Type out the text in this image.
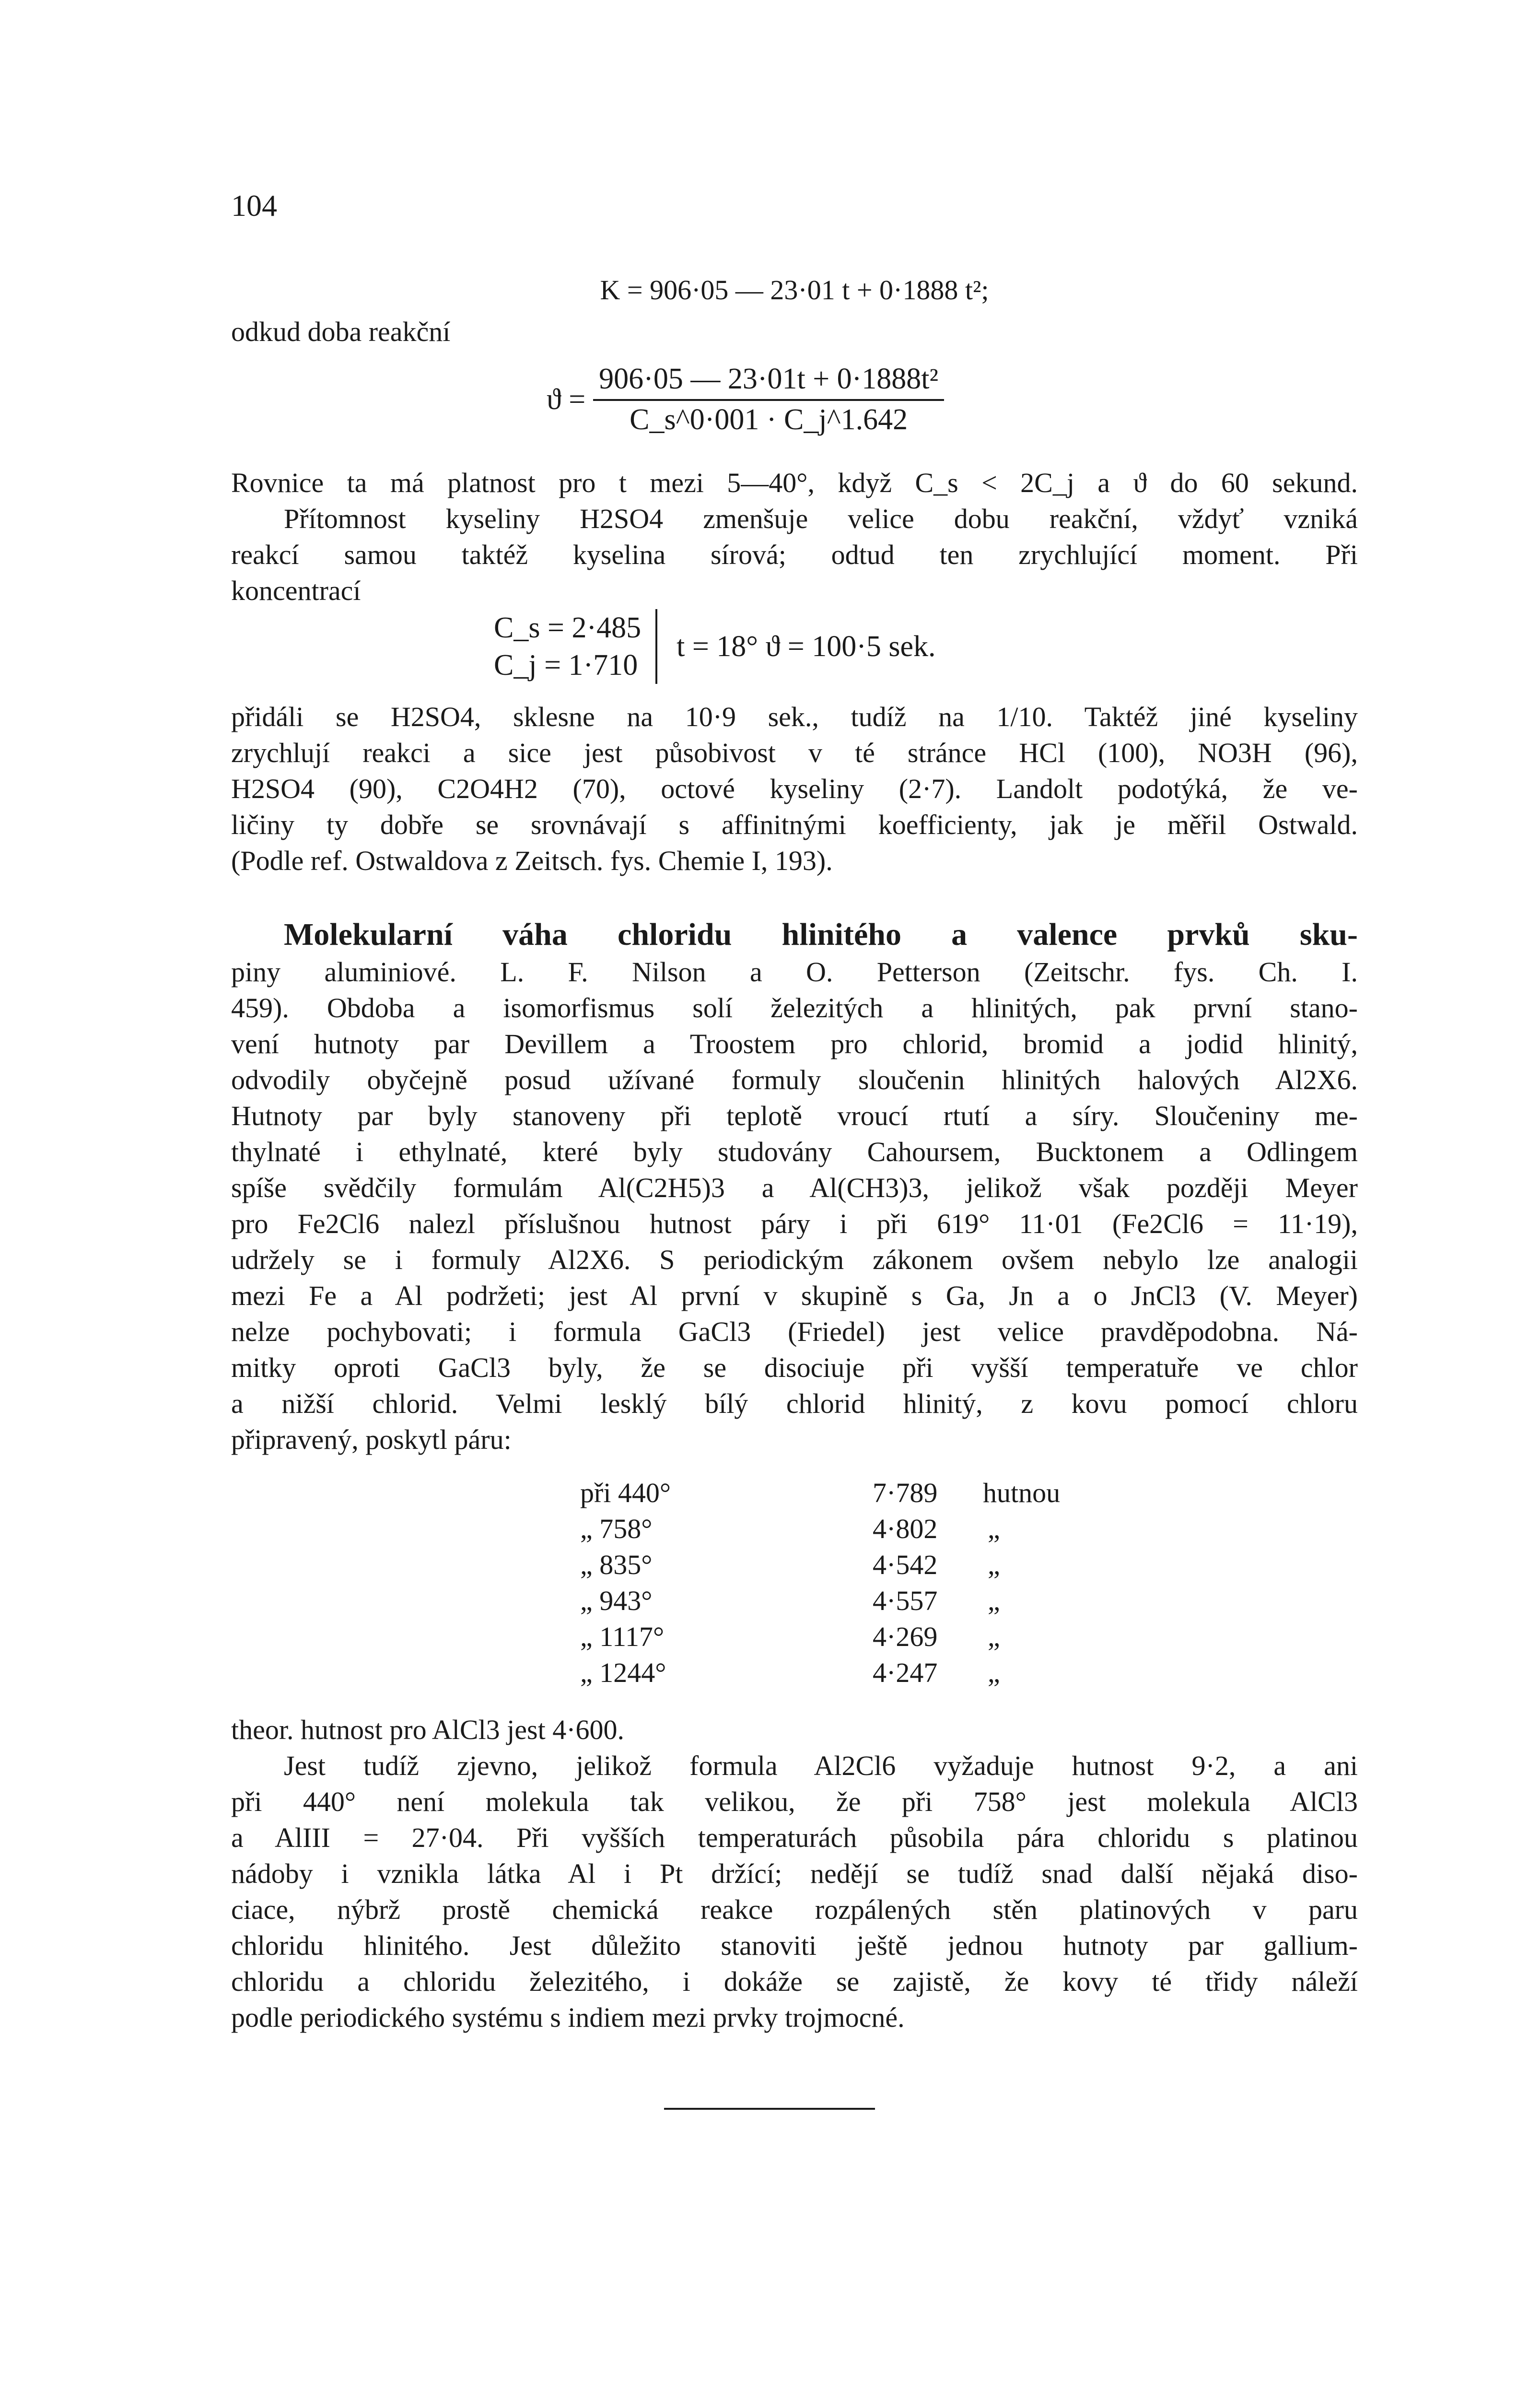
104
K = 906·05 — 23·01 t + 0·1888 t²;
odkud doba reakční
$ϑ = \frac{\text{906·05 — 23·01t + 0·1888t²}}{C\_s\^{}0\cdot 001 \cdot C\_j\^{}1.642}$
Rovnice ta má platnost pro t mezi 5—40°, když C_s < 2C_j a ϑ do 60 sekund.
Přítomnost kyseliny H2SO4 zmenšuje velice dobu reakční, vždyť vzniká
reakcí samou taktéž kyselina sírová; odtud ten zrychlující moment. Při
koncentrací
C_s = 2·485
C_j = 1·710
t = 18° ϑ = 100·5 sek.
přidáli se H2SO4, sklesne na 10·9 sek., tudíž na 1/10. Taktéž jiné kyseliny
zrychlují reakci a sice jest působivost v té stránce HCl (100), NO3H (96),
H2SO4 (90), C2O4H2 (70), octové kyseliny (2·7). Landolt podotýká, že ve-
ličiny ty dobře se srovnávají s affinitnými koefficienty, jak je měřil Ostwald.
(Podle ref. Ostwaldova z Zeitsch. fys. Chemie I, 193).
Molekularní váha chloridu hlinitého a valence prvků sku-
piny aluminiové. L. F. Nilson a O. Petterson (Zeitschr. fys. Ch. I.
459). Obdoba a isomorfismus solí železitých a hlinitých, pak první stano-
vení hutnoty par Devillem a Troostem pro chlorid, bromid a jodid hlinitý,
odvodily obyčejně posud užívané formuly sloučenin hlinitých halových Al2X6.
Hutnoty par byly stanoveny při teplotě vroucí rtutí a síry. Sloučeniny me-
thylnaté i ethylnaté, které byly studovány Cahoursem, Bucktonem a Odlingem
spíše svědčily formulám Al(C2H5)3 a Al(CH3)3, jelikož však později Meyer
pro Fe2Cl6 nalezl příslušnou hutnost páry i při 619° 11·01 (Fe2Cl6 = 11·19),
udržely se i formuly Al2X6. S periodickým zákonem ovšem nebylo lze analogii
mezi Fe a Al podržeti; jest Al první v skupině s Ga, Jn a o JnCl3 (V. Meyer)
nelze pochybovati; i formula GaCl3 (Friedel) jest velice pravděpodobna. Ná-
mitky oproti GaCl3 byly, že se disociuje při vyšší temperatuře ve chlor
a nižší chlorid. Velmi lesklý bílý chlorid hlinitý, z kovu pomocí chloru
připravený, poskytl páru:
při 440°	7·789	hutnou
„ 758°	4·802	„
„ 835°	4·542	„
„ 943°	4·557	„
„ 1117°	4·269	„
„ 1244°	4·247	„
theor. hutnost pro AlCl3 jest 4·600.
Jest tudíž zjevno, jelikož formula Al2Cl6 vyžaduje hutnost 9·2, a ani
při 440° není molekula tak velikou, že při 758° jest molekula AlCl3
a AlIII = 27·04. Při vyšších temperaturách působila pára chloridu s platinou
nádoby i vznikla látka Al i Pt držící; nedějí se tudíž snad další nějaká diso-
ciace, nýbrž prostě chemická reakce rozpálených stěn platinových v paru
chloridu hlinitého. Jest důležito stanoviti ještě jednou hutnoty par gallium-
chloridu a chloridu železitého, i dokáže se zajistě, že kovy té třidy náleží
podle periodického systému s indiem mezi prvky trojmocné.
